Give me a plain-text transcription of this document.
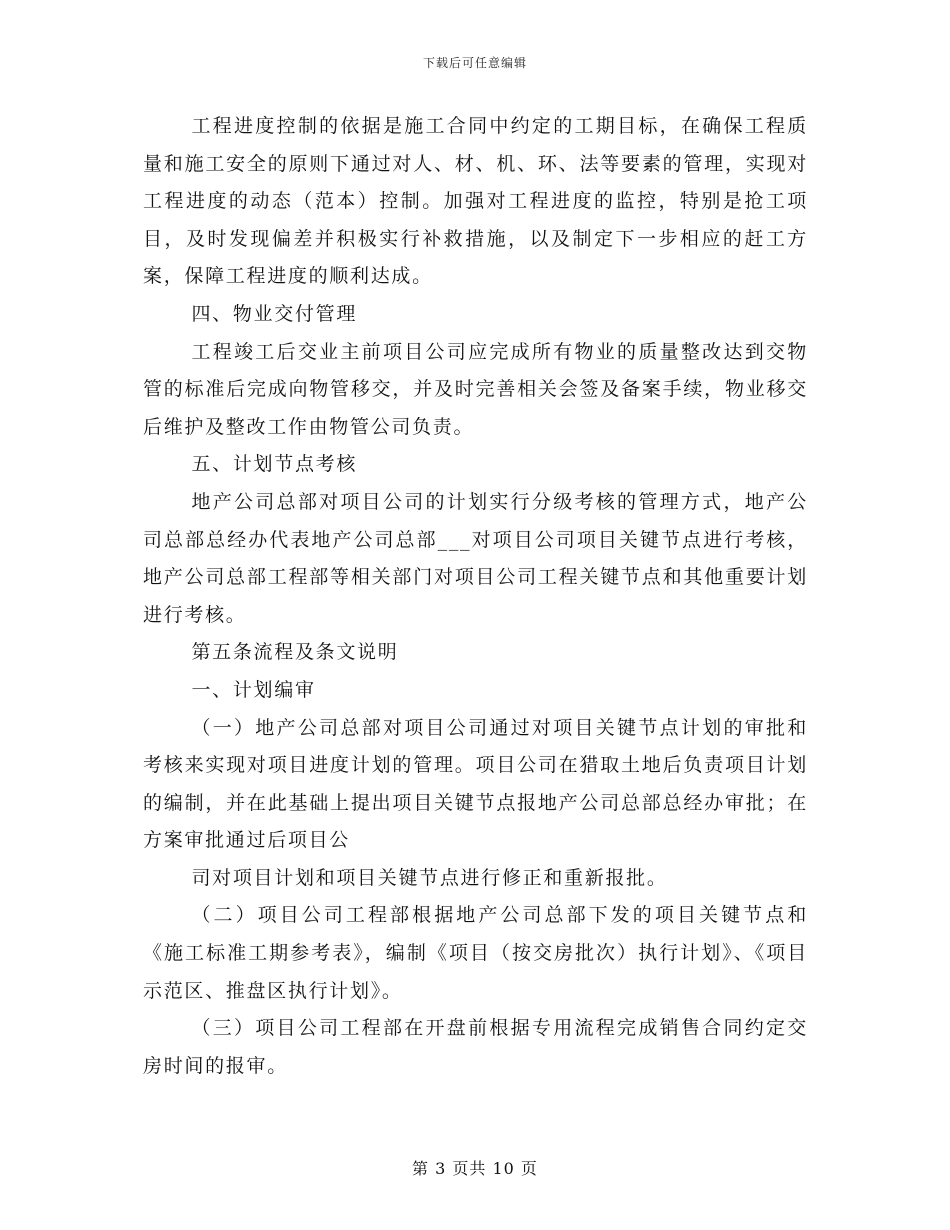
下载后可任意编辑

工程进度控制的依据是施工合同中约定的工期目标，在确保工程质量和施工安全的原则下通过对人、材、机、环、法等要素的管理，实现对工程进度的动态（范本）控制。加强对工程进度的监控，特别是抢工项目，及时发现偏差并积极实行补救措施，以及制定下一步相应的赶工方案，保障工程进度的顺利达成。

四、物业交付管理

工程竣工后交业主前项目公司应完成所有物业的质量整改达到交物管的标准后完成向物管移交，并及时完善相关会签及备案手续，物业移交后维护及整改工作由物管公司负责。

五、计划节点考核

地产公司总部对项目公司的计划实行分级考核的管理方式，地产公司总部总经办代表地产公司总部___对项目公司项目关键节点进行考核，地产公司总部工程部等相关部门对项目公司工程关键节点和其他重要计划进行考核。

第五条流程及条文说明

一、计划编审

（一）地产公司总部对项目公司通过对项目关键节点计划的审批和考核来实现对项目进度计划的管理。项目公司在猎取土地后负责项目计划的编制，并在此基础上提出项目关键节点报地产公司总部总经办审批；在方案审批通过后项目公

司对项目计划和项目关键节点进行修正和重新报批。

（二）项目公司工程部根据地产公司总部下发的项目关键节点和《施工标准工期参考表》，编制《项目（按交房批次）执行计划》、《项目示范区、推盘区执行计划》。

（三）项目公司工程部在开盘前根据专用流程完成销售合同约定交房时间的报审。

第 3 页共 10 页
